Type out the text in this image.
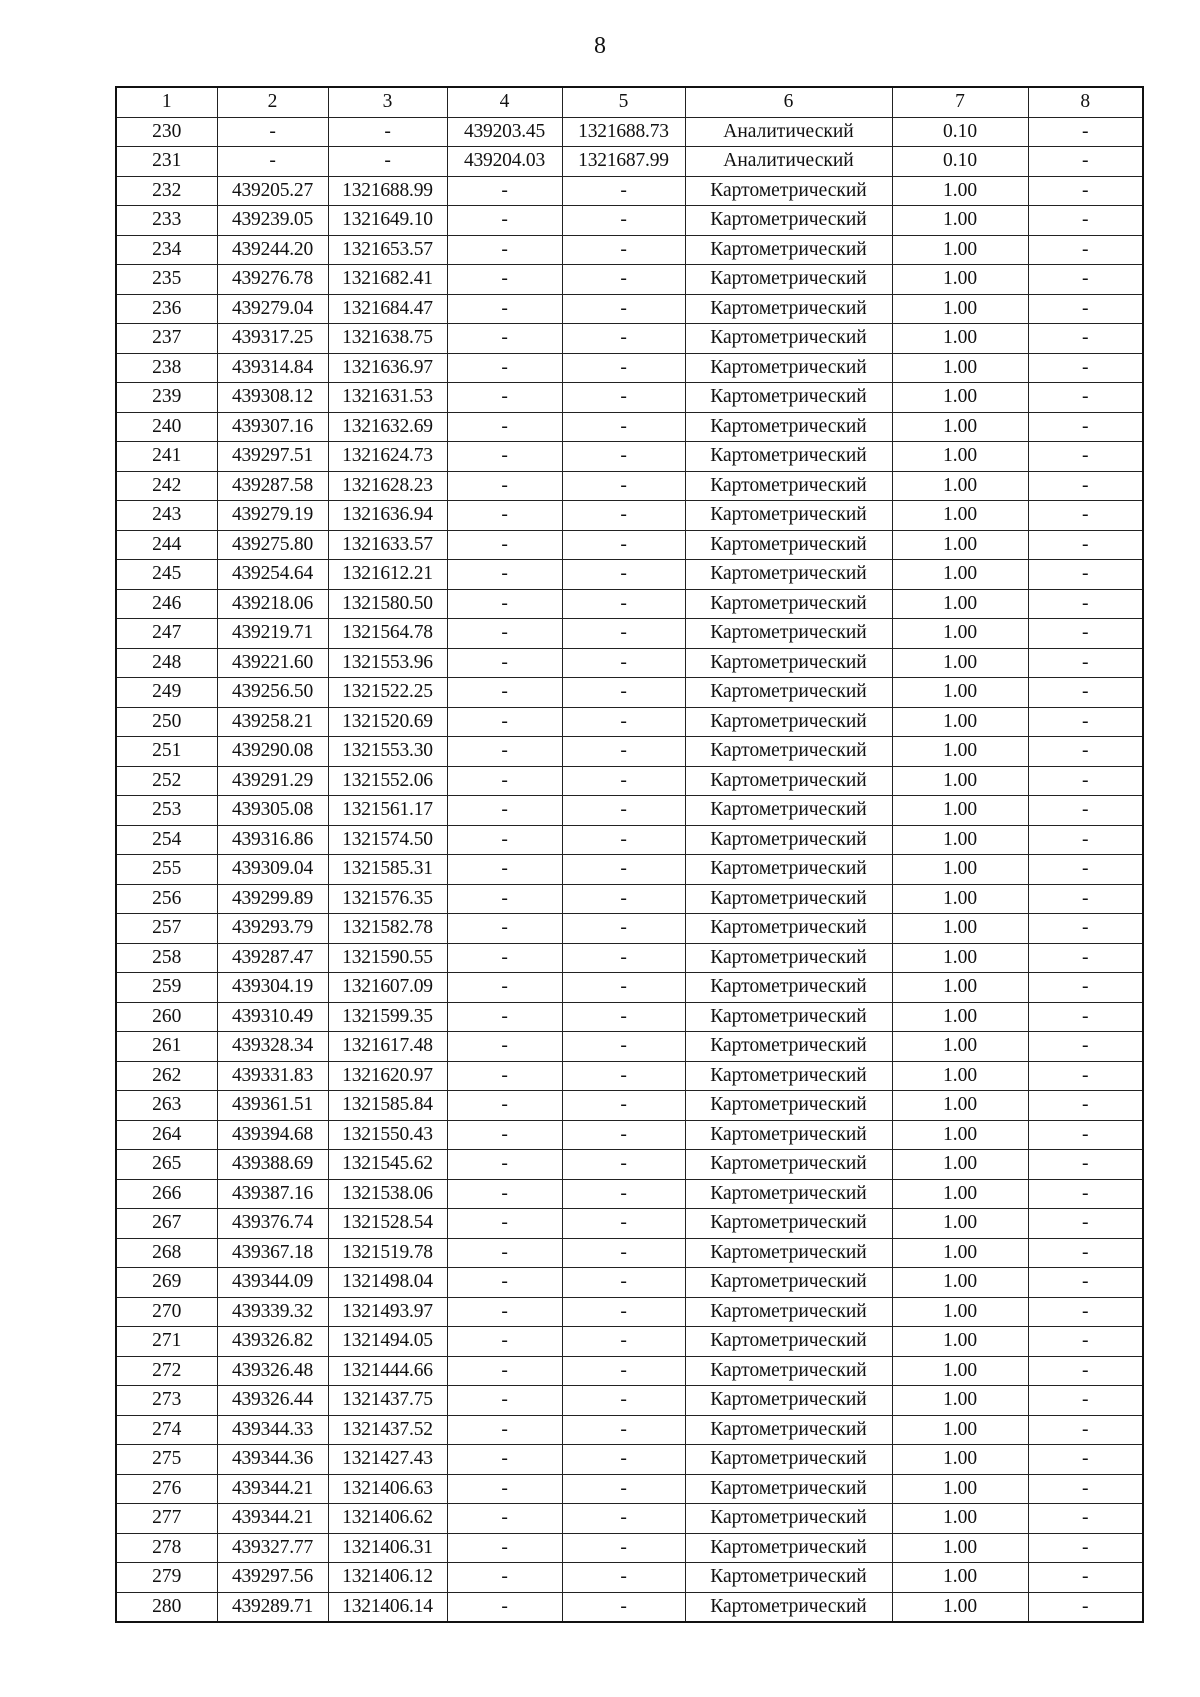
8
1	2	3	4	5	6	7	8
230	-	-	439203.45	1321688.73	Аналитический	0.10	-
231	-	-	439204.03	1321687.99	Аналитический	0.10	-
232	439205.27	1321688.99	-	-	Картометрический	1.00	-
233	439239.05	1321649.10	-	-	Картометрический	1.00	-
234	439244.20	1321653.57	-	-	Картометрический	1.00	-
235	439276.78	1321682.41	-	-	Картометрический	1.00	-
236	439279.04	1321684.47	-	-	Картометрический	1.00	-
237	439317.25	1321638.75	-	-	Картометрический	1.00	-
238	439314.84	1321636.97	-	-	Картометрический	1.00	-
239	439308.12	1321631.53	-	-	Картометрический	1.00	-
240	439307.16	1321632.69	-	-	Картометрический	1.00	-
241	439297.51	1321624.73	-	-	Картометрический	1.00	-
242	439287.58	1321628.23	-	-	Картометрический	1.00	-
243	439279.19	1321636.94	-	-	Картометрический	1.00	-
244	439275.80	1321633.57	-	-	Картометрический	1.00	-
245	439254.64	1321612.21	-	-	Картометрический	1.00	-
246	439218.06	1321580.50	-	-	Картометрический	1.00	-
247	439219.71	1321564.78	-	-	Картометрический	1.00	-
248	439221.60	1321553.96	-	-	Картометрический	1.00	-
249	439256.50	1321522.25	-	-	Картометрический	1.00	-
250	439258.21	1321520.69	-	-	Картометрический	1.00	-
251	439290.08	1321553.30	-	-	Картометрический	1.00	-
252	439291.29	1321552.06	-	-	Картометрический	1.00	-
253	439305.08	1321561.17	-	-	Картометрический	1.00	-
254	439316.86	1321574.50	-	-	Картометрический	1.00	-
255	439309.04	1321585.31	-	-	Картометрический	1.00	-
256	439299.89	1321576.35	-	-	Картометрический	1.00	-
257	439293.79	1321582.78	-	-	Картометрический	1.00	-
258	439287.47	1321590.55	-	-	Картометрический	1.00	-
259	439304.19	1321607.09	-	-	Картометрический	1.00	-
260	439310.49	1321599.35	-	-	Картометрический	1.00	-
261	439328.34	1321617.48	-	-	Картометрический	1.00	-
262	439331.83	1321620.97	-	-	Картометрический	1.00	-
263	439361.51	1321585.84	-	-	Картометрический	1.00	-
264	439394.68	1321550.43	-	-	Картометрический	1.00	-
265	439388.69	1321545.62	-	-	Картометрический	1.00	-
266	439387.16	1321538.06	-	-	Картометрический	1.00	-
267	439376.74	1321528.54	-	-	Картометрический	1.00	-
268	439367.18	1321519.78	-	-	Картометрический	1.00	-
269	439344.09	1321498.04	-	-	Картометрический	1.00	-
270	439339.32	1321493.97	-	-	Картометрический	1.00	-
271	439326.82	1321494.05	-	-	Картометрический	1.00	-
272	439326.48	1321444.66	-	-	Картометрический	1.00	-
273	439326.44	1321437.75	-	-	Картометрический	1.00	-
274	439344.33	1321437.52	-	-	Картометрический	1.00	-
275	439344.36	1321427.43	-	-	Картометрический	1.00	-
276	439344.21	1321406.63	-	-	Картометрический	1.00	-
277	439344.21	1321406.62	-	-	Картометрический	1.00	-
278	439327.77	1321406.31	-	-	Картометрический	1.00	-
279	439297.56	1321406.12	-	-	Картометрический	1.00	-
280	439289.71	1321406.14	-	-	Картометрический	1.00	-
